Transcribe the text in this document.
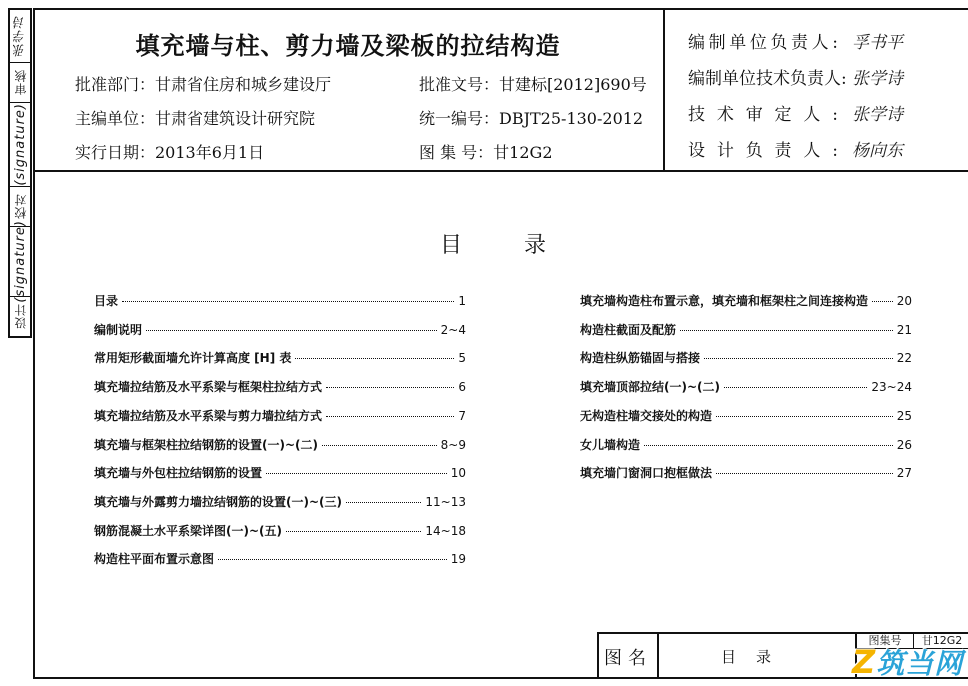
张学诗
审核
(signature)
校对
(signature)
设计
填充墙与柱、剪力墙及梁板的拉结构造
批准部门：甘肃省住房和城乡建设厅	批准文号：甘建标[2012]690号
主编单位：甘肃省建筑设计研究院	统一编号：DBJT25-130-2012
实行日期：2013年6月1日	图 集 号：甘12G2
编制单位负责人: 孚书平
编制单位技术负责人: 张学诗
技术审定人: 张学诗
设计负责人: 杨向东
目录
目录	1
编制说明	2~4
常用矩形截面墙允许计算高度 [H] 表	5
填充墙拉结筋及水平系梁与框架柱拉结方式	6
填充墙拉结筋及水平系梁与剪力墙拉结方式	7
填充墙与框架柱拉结钢筋的设置(一)~(二)	8~9
填充墙与外包柱拉结钢筋的设置	10
填充墙与外露剪力墙拉结钢筋的设置(一)~(三)	11~13
钢筋混凝土水平系梁详图(一)~(五)	14~18
构造柱平面布置示意图	19
填充墙构造柱布置示意，填充墙和框架柱之间连接构造 20
构造柱截面及配筋	21
构造柱纵筋锚固与搭接	22
填充墙顶部拉结(一)~(二)	23~24
无构造柱墙交接处的构造	25
女儿墙构造	26
填充墙门窗洞口抱框做法	27
图名	目录
图集号	甘12G2
Z筑当网
